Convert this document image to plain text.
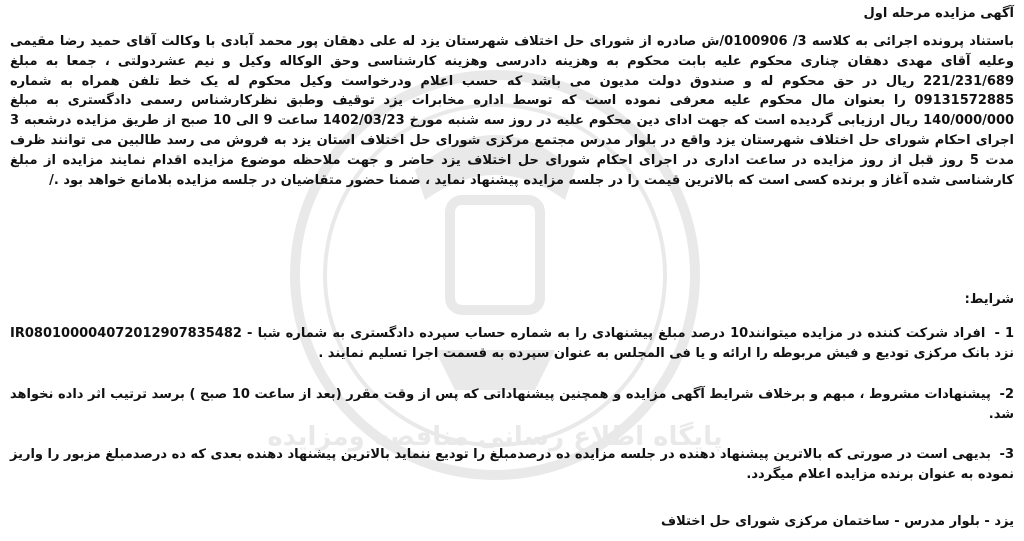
پایگاه اطلاع رسانی مناقصه ومزایده
آگهی مزایده مرحله اول
باستناد پرونده اجرائی به کلاسه 3/ 0100906/ش صادره از شورای حل اختلاف شهرستان یزد له علی دهقان پور محمد آبادی با وکالت آقای حمید رضا مقیمی وعلیه آقای مهدی دهقان چناری محکوم علیه بابت محکوم به وهزینه دادرسی وهزینه کارشناسی وحق الوکاله وکیل و نیم عشردولتی ، جمعا به مبلغ 221/231/689 ریال در حق محکوم له و صندوق دولت مدیون می باشد که حسب اعلام ودرخواست وکیل محکوم له یک خط تلفن همراه به شماره 09131572885 را بعنوان مال محکوم علیه معرفی نموده است که توسط اداره مخابرات یزد توقیف وطبق نظرکارشناس رسمی دادگستری به مبلغ 140/000/000 ریال ارزیابی گردیده است که جهت ادای دین محکوم علیه در روز سه شنبه مورخ 1402/03/23 ساعت 9 الی 10 صبح از طریق مزایده درشعبه 3 اجرای احکام شورای حل اختلاف شهرستان یزد واقع در بلوار مدرس مجتمع مرکزی شورای حل اختلاف استان یزد به فروش می رسد طالبین می توانند ظرف مدت 5 روز قبل از روز مزایده در ساعت اداری در اجرای احکام شورای حل اختلاف یزد حاضر و جهت ملاحظه موضوع مزایده اقدام نمایند مزایده از مبلغ کارشناسی شده آغاز و برنده کسی است که بالاترین قیمت را در جلسه مزایده پیشنهاد نماید ، ضمنا حضور متقاضیان در جلسه مزایده بلامانع خواهد بود ./
شرایط:
1 - افراد شرکت کننده در مزایده میتوانند10 درصد مبلغ پیشنهادی را به شماره حساب سپرده دادگستری به شماره شبا - IR080100004072012907835482 نزد بانک مرکزی تودیع و فیش مربوطه را ارائه و یا فی المجلس به عنوان سپرده به قسمت اجرا تسلیم نمایند .
2- پیشنهادات مشروط ، مبهم و برخلاف شرایط آگهی مزایده و همچنین پیشنهاداتی که پس از وقت مقرر (بعد از ساعت 10 صبح ) برسد ترتیب اثر داده نخواهد شد.
3- بدیهی است در صورتی که بالاترین پیشنهاد دهنده در جلسه مزایده ده درصدمبلغ را تودیع ننماید بالاترین پیشنهاد دهنده بعدی که ده درصدمبلغ مزبور را واریز نموده به عنوان برنده مزایده اعلام میگردد.
یزد - بلوار مدرس - ساختمان مرکزی شورای حل اختلاف
